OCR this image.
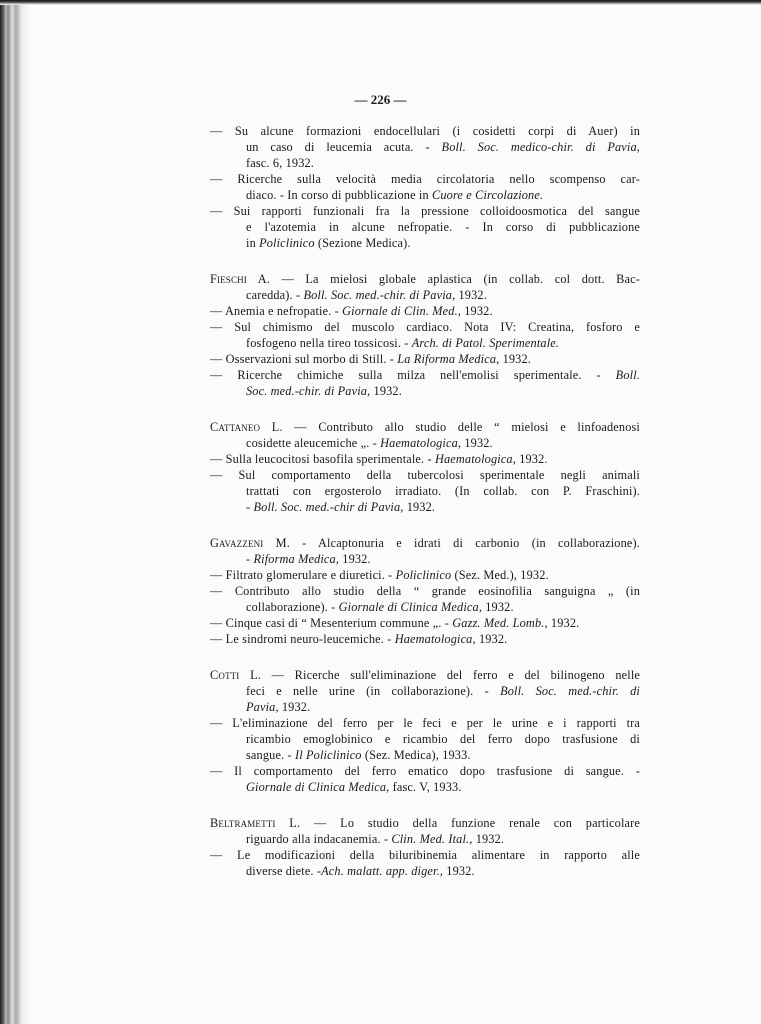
— 226 —
— Su alcune formazioni endocellulari (i cosidetti corpi di Auer) in
un caso di leucemia acuta. - Boll. Soc. medico-chir. di Pavia,
fasc. 6, 1932.
— Ricerche sulla velocità media circolatoria nello scompenso car-
diaco. - In corso di pubblicazione in Cuore e Circolazione.
— Sui rapporti funzionali fra la pressione colloidoosmotica del sangue
e l'azotemia in alcune nefropatie. - In corso di pubblicazione
in Policlinico (Sezione Medica).
Fieschi A. — La mielosi globale aplastica (in collab. col dott. Bac-
caredda). - Boll. Soc. med.-chir. di Pavia, 1932.
— Anemia e nefropatie. - Giornale di Clin. Med., 1932.
— Sul chimismo del muscolo cardiaco. Nota IV: Creatina, fosforo e
fosfogeno nella tireo tossicosi. - Arch. di Patol. Sperimentale.
— Osservazioni sul morbo di Still. - La Riforma Medica, 1932.
— Ricerche chimiche sulla milza nell'emolisi sperimentale. - Boll.
Soc. med.-chir. di Pavia, 1932.
Cattaneo L. — Contributo allo studio delle “ mielosi e linfoadenosi
cosidette aleucemiche „. - Haematologica, 1932.
— Sulla leucocitosi basofila sperimentale. - Haematologica, 1932.
— Sul comportamento della tubercolosi sperimentale negli animali
trattati con ergosterolo irradiato. (In collab. con P. Fraschini).
- Boll. Soc. med.-chir di Pavia, 1932.
Gavazzeni M. - Alcaptonuria e idrati di carbonio (in collaborazione).
- Riforma Medica, 1932.
— Filtrato glomerulare e diuretici. - Policlinico (Sez. Med.), 1932.
— Contributo allo studio della “ grande eosinofilia sanguigna „ (in
collaborazione). - Giornale di Clinica Medica, 1932.
— Cinque casi di “ Mesenterium commune „. - Gazz. Med. Lomb., 1932.
— Le sindromi neuro-leucemiche. - Haematologica, 1932.
Cotti L. — Ricerche sull'eliminazione del ferro e del bilinogeno nelle
feci e nelle urine (in collaborazione). - Boll. Soc. med.-chir. di
Pavia, 1932.
— L'eliminazione del ferro per le feci e per le urine e i rapporti tra
ricambio emoglobinico e ricambio del ferro dopo trasfusione di
sangue. - Il Policlinico (Sez. Medica), 1933.
— Il comportamento del ferro ematico dopo trasfusione di sangue. -
Giornale di Clinica Medica, fasc. V, 1933.
Beltrametti L. — Lo studio della funzione renale con particolare
riguardo alla indacanemia. - Clin. Med. Ital., 1932.
— Le modificazioni della biluribinemia alimentare in rapporto alle
diverse diete. -Ach. malatt. app. diger., 1932.
